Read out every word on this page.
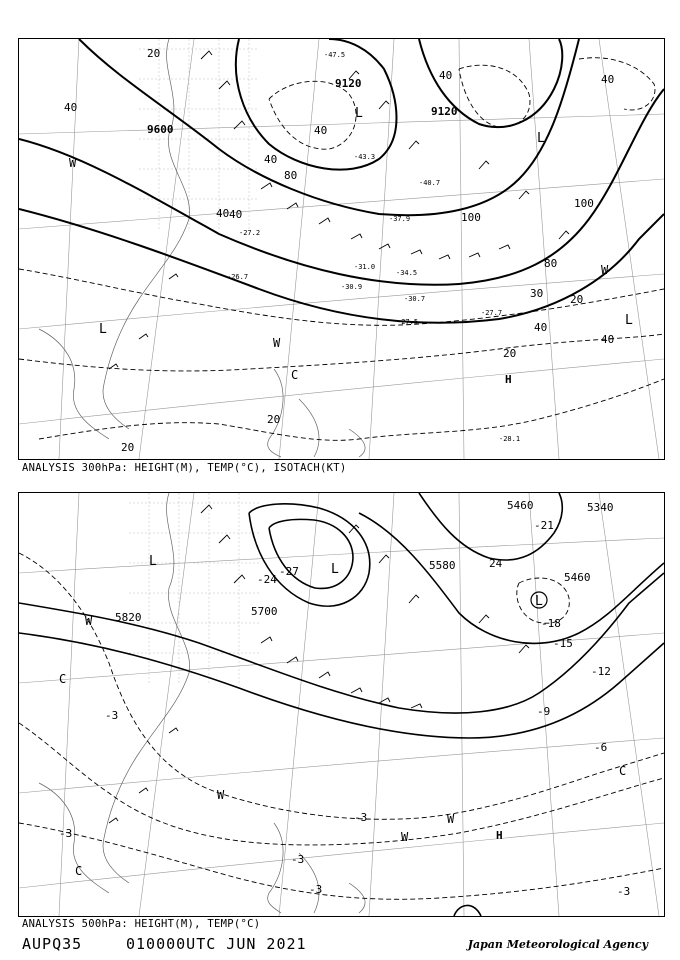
9600
9120
9120
20
40
40
40
40
80
100
100
80
40
20
40
30
20
20
40
20
40
40
-27.5
-27.7
-30.7
-30.9
-31.0
-34.5
-37.9
-40.7
-43.3
-47.5
-27.2
-26.7
-28.1
L
L
L
L
H
C
W
W
W
ANALYSIS 300hPa: HEIGHT(M), TEMP(°C), ISOTACH(KT)
5460
5460
5580
5700
5820
5340
-27
-24
-21
-18
-15
-12
-9
-6
-3
-3
-3
-3	-3
-3
24
L
L
L
H
C
C
C
W
W
W
W
ANALYSIS 500hPa: HEIGHT(M), TEMP(°C)
AUPQ35	010000UTC JUN 2021	Japan Meteorological Agency
